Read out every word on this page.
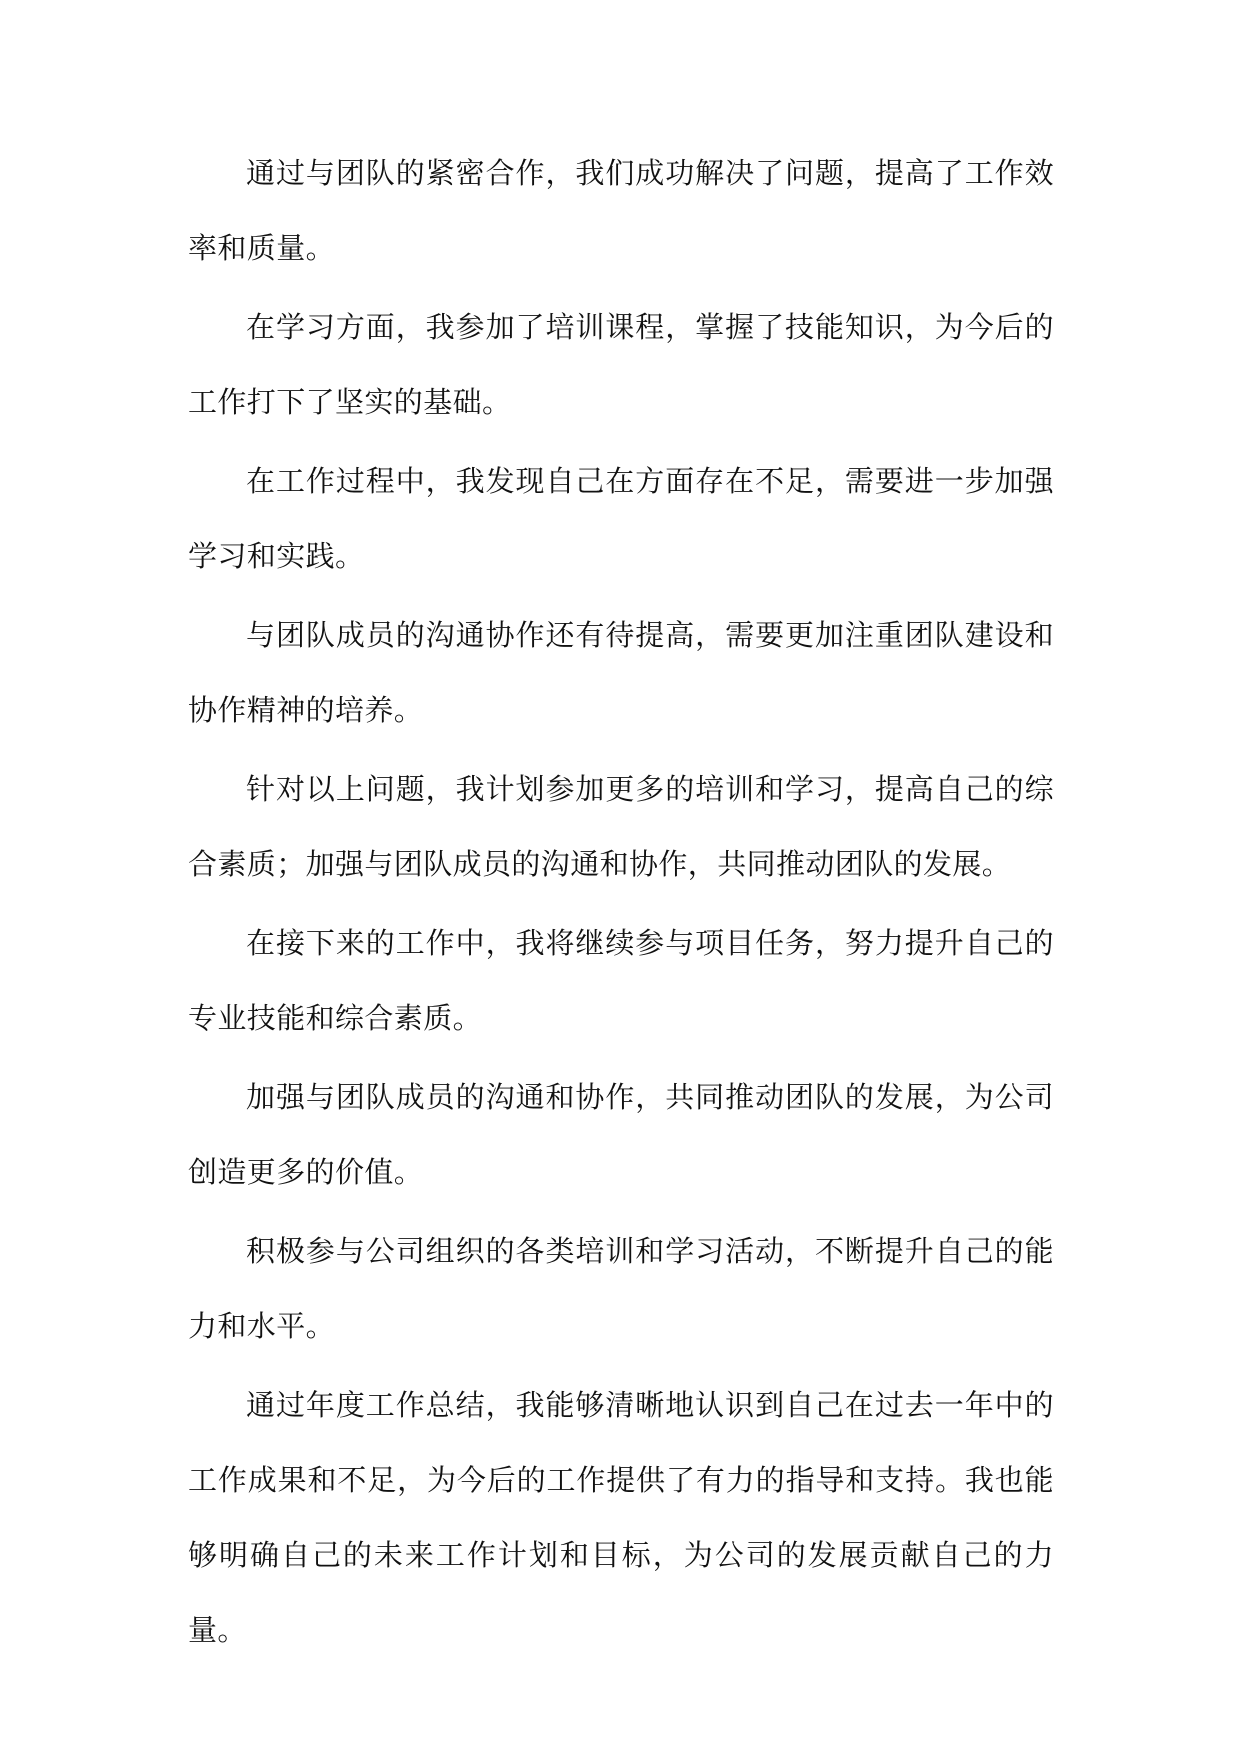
通过与团队的紧密合作，我们成功解决了问题，提高了工作效率和质量。

在学习方面，我参加了培训课程，掌握了技能知识，为今后的工作打下了坚实的基础。

在工作过程中，我发现自己在方面存在不足，需要进一步加强学习和实践。

与团队成员的沟通协作还有待提高，需要更加注重团队建设和协作精神的培养。

针对以上问题，我计划参加更多的培训和学习，提高自己的综合素质；加强与团队成员的沟通和协作，共同推动团队的发展。

在接下来的工作中，我将继续参与项目任务，努力提升自己的专业技能和综合素质。

加强与团队成员的沟通和协作，共同推动团队的发展，为公司创造更多的价值。

积极参与公司组织的各类培训和学习活动，不断提升自己的能力和水平。

通过年度工作总结，我能够清晰地认识到自己在过去一年中的工作成果和不足，为今后的工作提供了有力的指导和支持。我也能够明确自己的未来工作计划和目标，为公司的发展贡献自己的力量。
